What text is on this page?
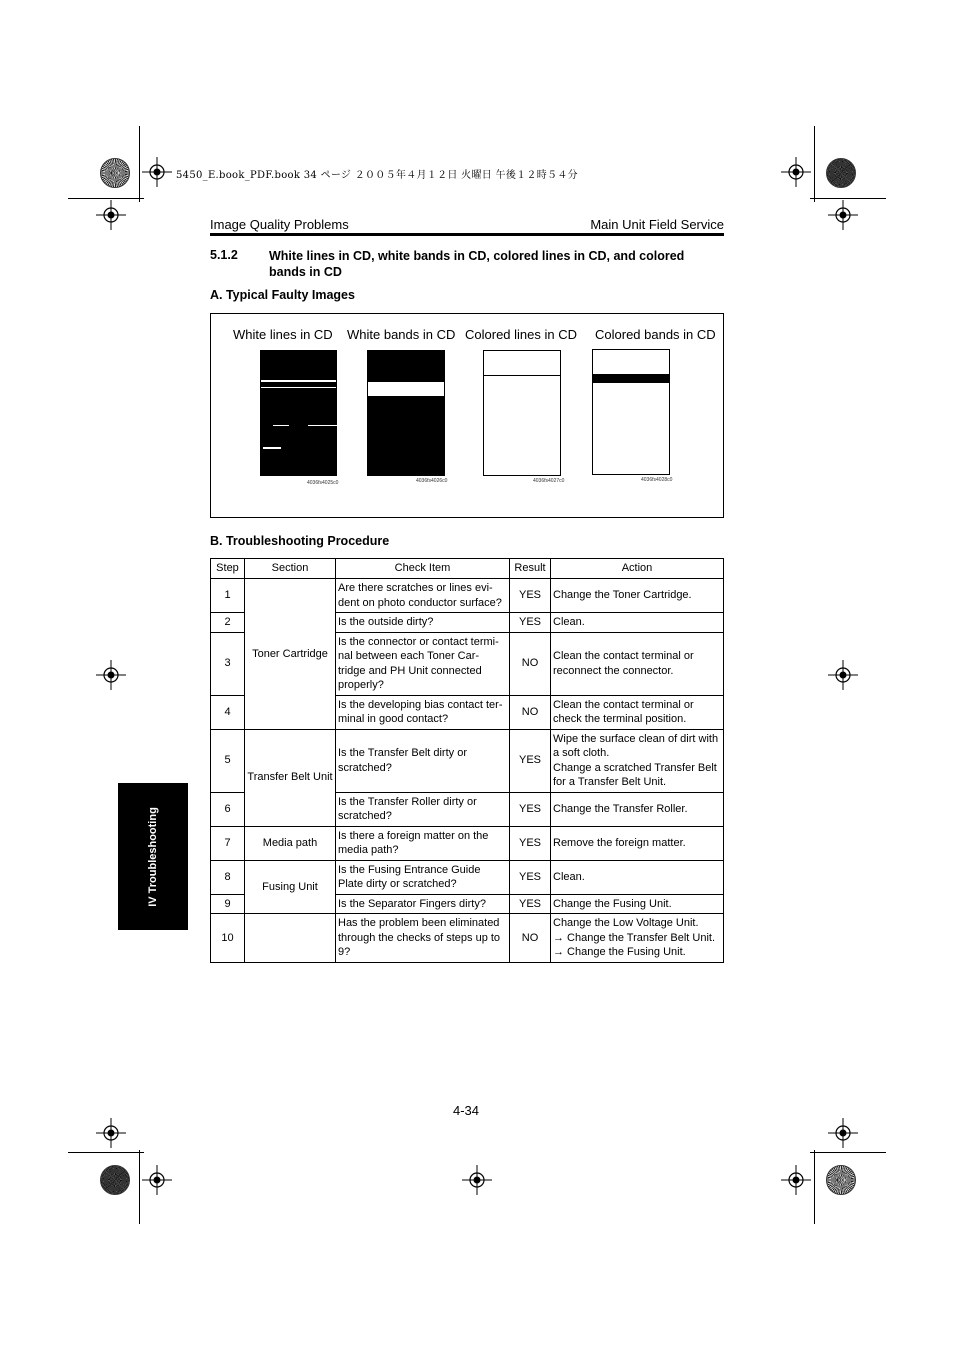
5450_E.book_PDF.book 34 ページ ２００５年４月１２日 火曜日 午後１２時５４分
Image Quality Problems	Main Unit Field Service
5.1.2 White lines in CD, white bands in CD, colored lines in CD, and colored bands in CD
A. Typical Faulty Images
White lines in CD White bands in CD Colored lines in CD Colored bands in CD
4036fs4025c0	4036fs4026c0	4036fs4027c0	4036fs4028c0
B. Troubleshooting Procedure
Step	Section	Check Item	Result	Action
1	Toner Cartridge	Are there scratches or lines evi-
dent on photo conductor surface?	YES	Change the Toner Cartridge.
2		Is the outside dirty?	YES	Clean.
3		Is the connector or contact termi-
nal between each Toner Car-
tridge and PH Unit connected
properly?	NO	Clean the contact terminal or
reconnect the connector.
4		Is the developing bias contact ter-
minal in good contact?	NO	Clean the contact terminal or
check the terminal position.
5	Transfer Belt Unit	Is the Transfer Belt dirty or
scratched?	YES	Wipe the surface clean of dirt with
a soft cloth.
Change a scratched Transfer Belt
for a Transfer Belt Unit.
6		Is the Transfer Roller dirty or
scratched?	YES	Change the Transfer Roller.
7	Media path	Is there a foreign matter on the
media path?	YES	Remove the foreign matter.
8	Fusing Unit	Is the Fusing Entrance Guide
Plate dirty or scratched?	YES	Clean.
9		Is the Separator Fingers dirty?	YES	Change the Fusing Unit.
10		Has the problem been eliminated
through the checks of steps up to
9?	NO	Change the Low Voltage Unit.
→ Change the Transfer Belt Unit.
→ Change the Fusing Unit.
IV Troubleshooting
4-34
